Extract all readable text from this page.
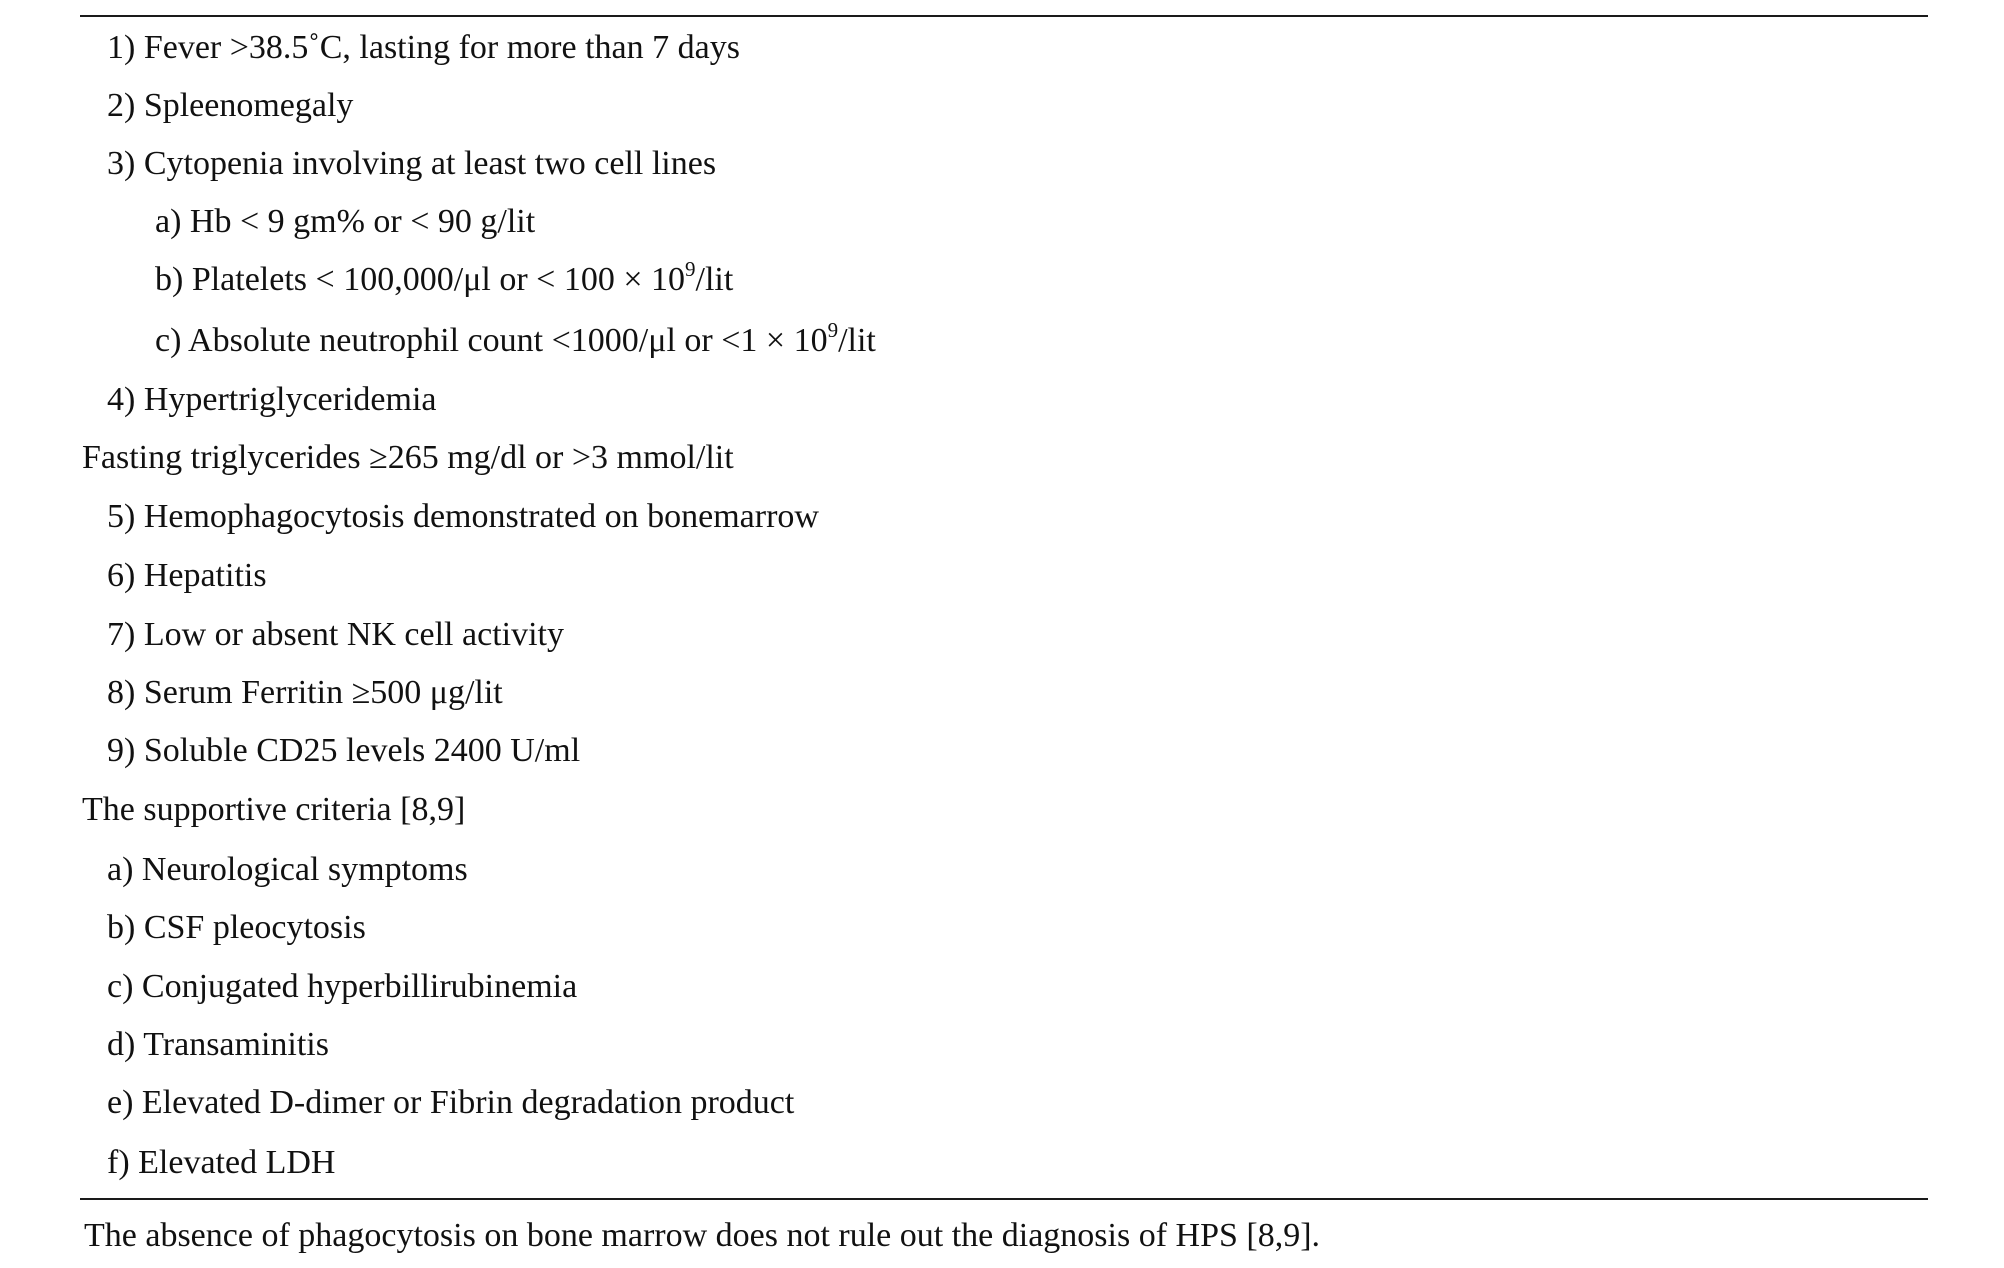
1) Fever >38.5˚C, lasting for more than 7 days
2) Spleenomegaly
3) Cytopenia involving at least two cell lines
a) Hb < 9 gm% or < 90 g/lit
b) Platelets < 100,000/μl or < $100 \times 10^9$/lit
c) Absolute neutrophil count <1000/μl or $<1 \times 10^9$/lit
4) Hypertriglyceridemia
Fasting triglycerides ≥265 mg/dl or >3 mmol/lit
5) Hemophagocytosis demonstrated on bonemarrow
6) Hepatitis
7) Low or absent NK cell activity
8) Serum Ferritin ≥500 μg/lit
9) Soluble CD25 levels 2400 U/ml
The supportive criteria [8,9]
a) Neurological symptoms
b) CSF pleocytosis
c) Conjugated hyperbillirubinemia
d) Transaminitis
e) Elevated D-dimer or Fibrin degradation product
f) Elevated LDH
The absence of phagocytosis on bone marrow does not rule out the diagnosis of HPS [8,9].
